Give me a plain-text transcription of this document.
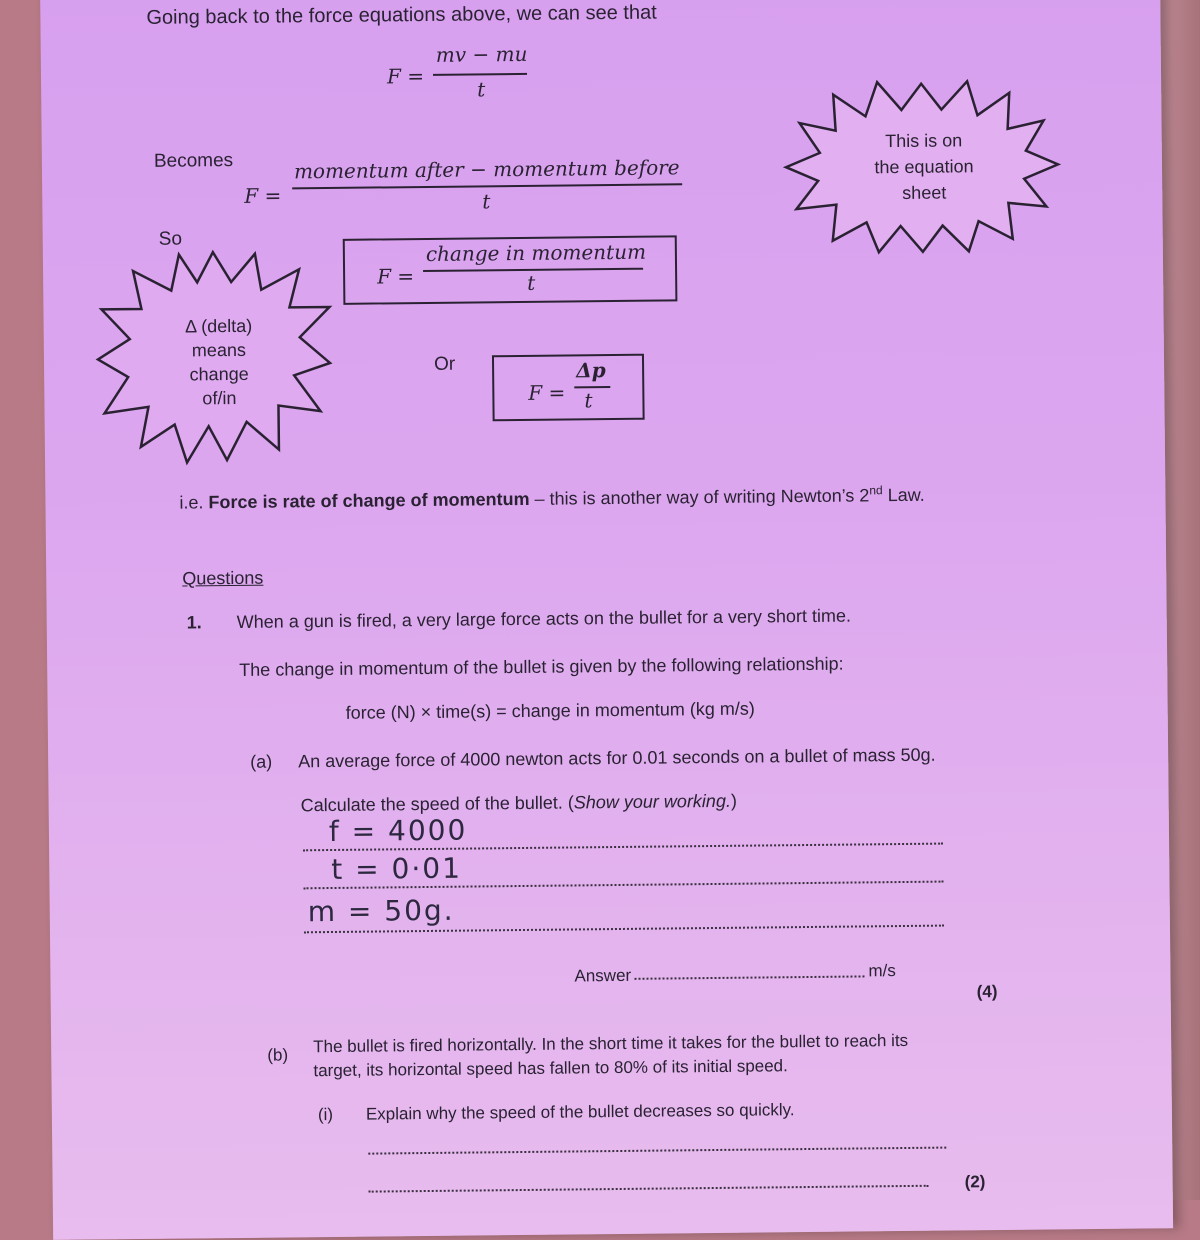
Going back to the force equations above, we can see that
F =
mv − mu
t
Becomes
F =
momentum after − momentum before
t
So
F =
change in momentum
t
Or
F =
Δp
t
This is on
the equation
sheet
Δ (delta)
means
change
of/in
i.e. Force is rate of change of momentum – this is another way of writing Newton’s 2nd Law.
Questions
1. When a gun is fired, a very large force acts on the bullet for a very short time.
The change in momentum of the bullet is given by the following relationship:
force (N) × time(s) = change in momentum (kg m/s)
(a) An average force of 4000 newton acts for 0.01 seconds on a bullet of mass 50g.
Calculate the speed of the bullet. (Show your working.)
f = 4000
t = 0·01
m = 50g.
Answer	m/s
(4)
(b) The bullet is fired horizontally. In the short time it takes for the bullet to reach its
target, its horizontal speed has fallen to 80% of its initial speed.
(i) Explain why the speed of the bullet decreases so quickly.
(2)
